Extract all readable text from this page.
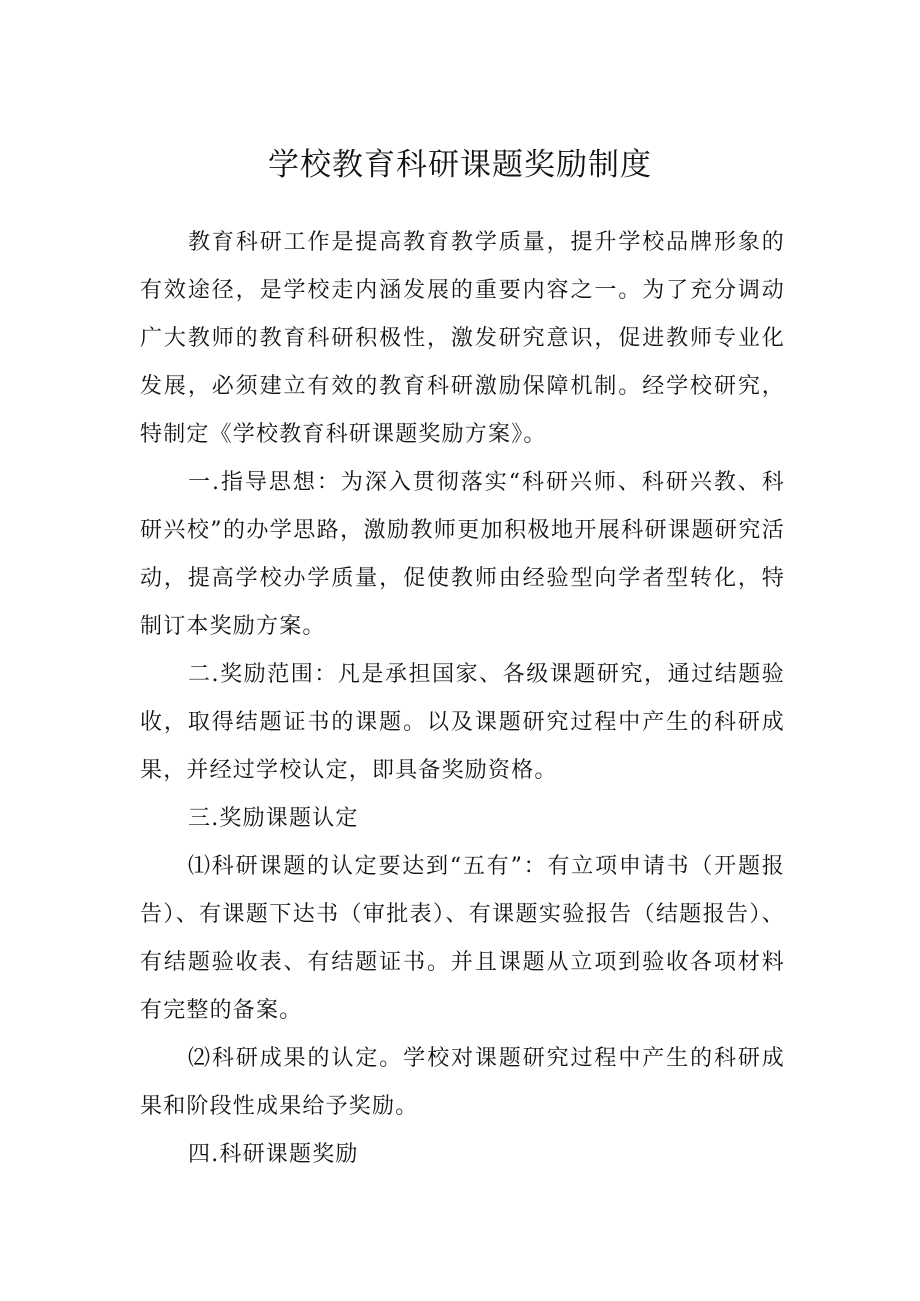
学校教育科研课题奖励制度

教育科研工作是提高教育教学质量，提升学校品牌形象的有效途径，是学校走内涵发展的重要内容之一。为了充分调动广大教师的教育科研积极性，激发研究意识，促进教师专业化发展，必须建立有效的教育科研激励保障机制。经学校研究，特制定《学校教育科研课题奖励方案》。

一.指导思想：为深入贯彻落实“科研兴师、科研兴教、科研兴校”的办学思路，激励教师更加积极地开展科研课题研究活动，提高学校办学质量，促使教师由经验型向学者型转化，特制订本奖励方案。

二.奖励范围：凡是承担国家、各级课题研究，通过结题验收，取得结题证书的课题。以及课题研究过程中产生的科研成果，并经过学校认定，即具备奖励资格。

三.奖励课题认定

⑴科研课题的认定要达到“五有”：有立项申请书（开题报告）、有课题下达书（审批表）、有课题实验报告（结题报告）、有结题验收表、有结题证书。并且课题从立项到验收各项材料有完整的备案。

⑵科研成果的认定。学校对课题研究过程中产生的科研成果和阶段性成果给予奖励。

四.科研课题奖励
